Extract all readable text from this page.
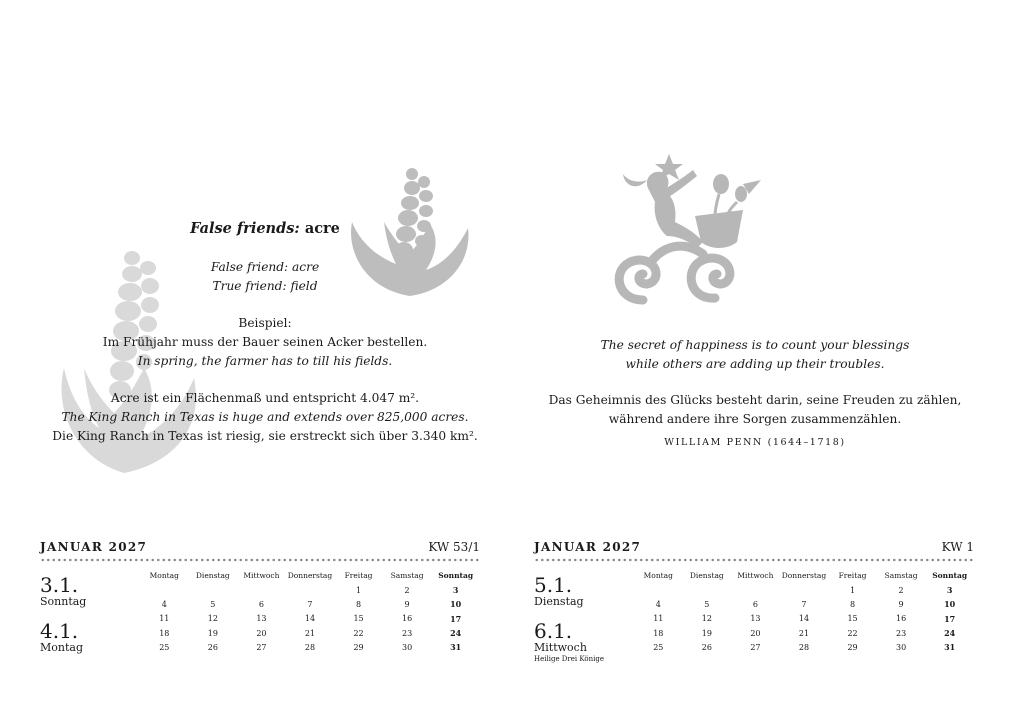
False friends: acre
False friend: acre
True friend: field
Beispiel:
Im Frühjahr muss der Bauer seinen Acker bestellen.
In spring, the farmer has to till his fields.
Acre ist ein Flächenmaß und entspricht 4.047 m².
The King Ranch in Texas is huge and extends over 825,000 acres.
Die King Ranch in Texas ist riesig, sie erstreckt sich über 3.340 km².
The secret of happiness is to count your blessings
while others are adding up their troubles.
Das Geheimnis des Glücks besteht darin, seine Freuden zu zählen,
während andere ihre Sorgen zusammenzählen.
WILLIAM PENN (1644–1718)
JANUAR 2027	KW 53/1
3.1.
Sonntag
4.1.
Montag
Montag	Dienstag	Mittwoch	Donnerstag	Freitag	Samstag	Sonntag
				1	2	3
4	5	6	7	8	9	10
11	12	13	14	15	16	17
18	19	20	21	22	23	24
25	26	27	28	29	30	31
JANUAR 2027	KW 1
5.1.
Dienstag
6.1.
Mittwoch
Heilige Drei Könige
Montag	Dienstag	Mittwoch	Donnerstag	Freitag	Samstag	Sonntag
				1	2	3
4	5	6	7	8	9	10
11	12	13	14	15	16	17
18	19	20	21	22	23	24
25	26	27	28	29	30	31
